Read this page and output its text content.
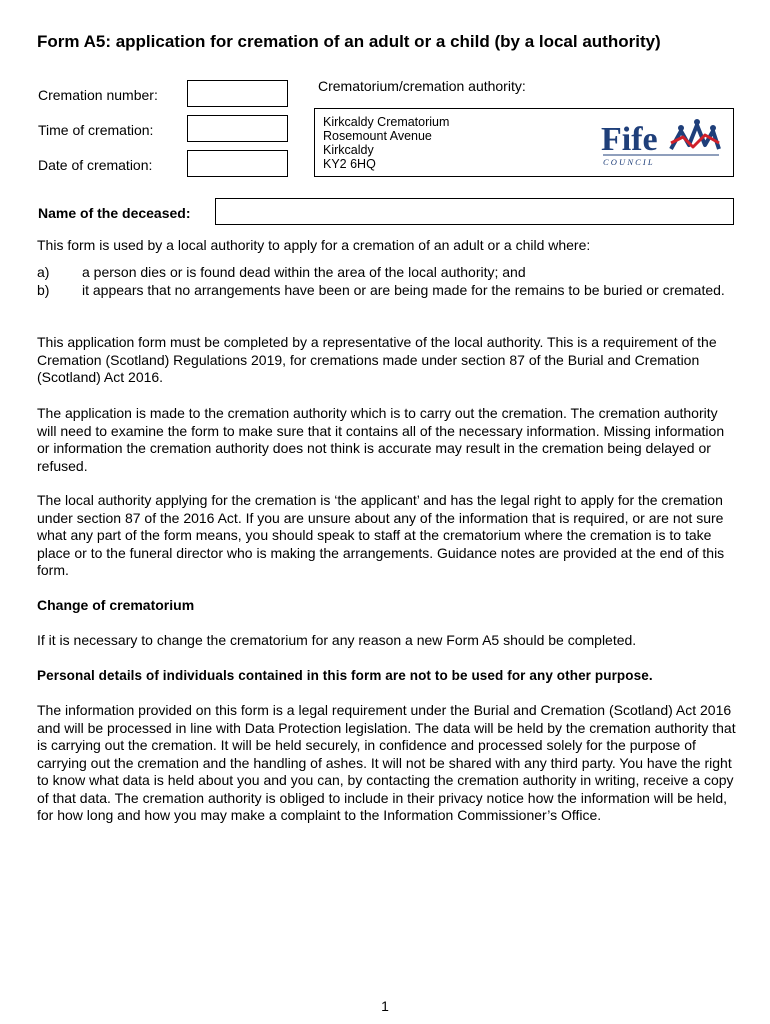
Form A5: application for cremation of an adult or a child (by a local authority)
Cremation number:
Time of cremation:
Date of cremation:
Crematorium/cremation authority:
Kirkcaldy Crematorium
Rosemount Avenue
Kirkcaldy
KY2 6HQ
Fife
C O U N C I L
Name of the deceased:
This form is used by a local authority to apply for a cremation of an adult or a child where:
a) a person dies or is found dead within the area of the local authority; and
b) it appears that no arrangements have been or are being made for the remains to be buried or cremated.
This application form must be completed by a representative of the local authority. This is a requirement of the Cremation (Scotland) Regulations 2019, for cremations made under section 87 of the Burial and Cremation (Scotland) Act 2016.
The application is made to the cremation authority which is to carry out the cremation. The cremation authority will need to examine the form to make sure that it contains all of the necessary information. Missing information or information the cremation authority does not think is accurate may result in the cremation being delayed or refused.
The local authority applying for the cremation is ‘the applicant’ and has the legal right to apply for the cremation under section 87 of the 2016 Act. If you are unsure about any of the information that is required, or are not sure what any part of the form means, you should speak to staff at the crematorium where the cremation is to take place or to the funeral director who is making the arrangements. Guidance notes are provided at the end of this form.
Change of crematorium
If it is necessary to change the crematorium for any reason a new Form A5 should be completed.
Personal details of individuals contained in this form are not to be used for any other purpose.
The information provided on this form is a legal requirement under the Burial and Cremation (Scotland) Act 2016 and will be processed in line with Data Protection legislation. The data will be held by the cremation authority that is carrying out the cremation. It will be held securely, in confidence and processed solely for the purpose of carrying out the cremation and the handling of ashes. It will not be shared with any third party. You have the right to know what data is held about you and you can, by contacting the cremation authority in writing, receive a copy of that data. The cremation authority is obliged to include in their privacy notice how the information will be held, for how long and how you may make a complaint to the Information Commissioner’s Office.
1
